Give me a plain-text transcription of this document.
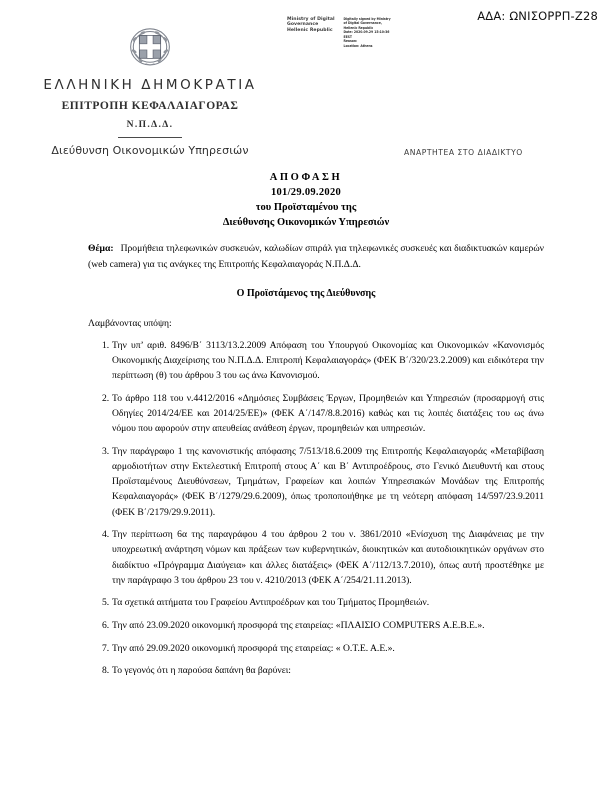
ΑΔΑ: ΩΝΙΣΟΡΡΠ-Ζ28
Ministry of Digital
Governance
Hellenic Republic
Digitally signed by Ministry
of Digital Governance,
Hellenic Republic
Date: 2020.09.29 15:10:36
EEST
Reason:
Location: Athens
ΕΛΛΗΝΙΚΗ ΔΗΜΟΚΡΑΤΙΑ
ΕΠΙΤΡΟΠΗ ΚΕΦΑΛΑΙΑΓΟΡΑΣ
Ν.Π.Δ.Δ.
Διεύθυνση Οικονομικών Υπηρεσιών	ΑΝΑΡΤΗΤΕΑ ΣΤΟ ΔΙΑΔΙΚΤΥΟ
ΑΠΟΦΑΣΗ
101/29.09.2020
του Προϊσταμένου της
Διεύθυνσης Οικονομικών Υπηρεσιών
Θέμα: Προμήθεια τηλεφωνικών συσκευών, καλωδίων σπιράλ για τηλεφωνικές συσκευές και διαδικτυακών καμερών (web camera) για τις ανάγκες της Επιτροπής Κεφαλαιαγοράς Ν.Π.Δ.Δ.
Ο Προϊστάμενος της Διεύθυνσης
Λαμβάνοντας υπόψη:
1. Την υπ’ αριθ. 8496/Β΄ 3113/13.2.2009 Απόφαση του Υπουργού Οικονομίας και Οικονομικών «Κανονισμός Οικονομικής Διαχείρισης του Ν.Π.Δ.Δ. Επιτροπή Κεφαλαιαγοράς» (ΦΕΚ Β΄/320/23.2.2009) και ειδικότερα την περίπτωση (θ) του άρθρου 3 του ως άνω Κανονισμού.
2. Το άρθρο 118 του ν.4412/2016 «Δημόσιες Συμβάσεις Έργων, Προμηθειών και Υπηρεσιών (προσαρμογή στις Οδηγίες 2014/24/ΕΕ και 2014/25/ΕΕ)» (ΦΕΚ Α΄/147/8.8.2016) καθώς και τις λοιπές διατάξεις του ως άνω νόμου που αφορούν στην απευθείας ανάθεση έργων, προμηθειών και υπηρεσιών.
3. Την παράγραφο 1 της κανονιστικής απόφασης 7/513/18.6.2009 της Επιτροπής Κεφαλαιαγοράς «Μεταβίβαση αρμοδιοτήτων στην Εκτελεστική Επιτροπή στους Α΄ και Β΄ Αντιπροέδρους, στο Γενικό Διευθυντή και στους Προϊσταμένους Διευθύνσεων, Τμημάτων, Γραφείων και λοιπών Υπηρεσιακών Μονάδων της Επιτροπής Κεφαλαιαγοράς» (ΦΕΚ Β΄/1279/29.6.2009), όπως τροποποιήθηκε με τη νεότερη απόφαση 14/597/23.9.2011 (ΦΕΚ Β΄/2179/29.9.2011).
4. Την περίπτωση 6α της παραγράφου 4 του άρθρου 2 του ν. 3861/2010 «Ενίσχυση της Διαφάνειας με την υποχρεωτική ανάρτηση νόμων και πράξεων των κυβερνητικών, διοικητικών και αυτοδιοικητικών οργάνων στο διαδίκτυο «Πρόγραμμα Διαύγεια» και άλλες διατάξεις» (ΦΕΚ Α΄/112/13.7.2010), όπως αυτή προστέθηκε με την παράγραφο 3 του άρθρου 23 του ν. 4210/2013 (ΦΕΚ Α΄/254/21.11.2013).
5. Τα σχετικά αιτήματα του Γραφείου Αντιπροέδρων και του Τμήματος Προμηθειών.
6. Την από 23.09.2020 οικονομική προσφορά της εταιρείας: «ΠΛΑΙΣΙΟ COMPUTERS Α.Ε.Β.Ε.».
7. Την από 29.09.2020 οικονομική προσφορά της εταιρείας: « Ο.Τ.Ε. Α.Ε.».
8. Το γεγονός ότι η παρούσα δαπάνη θα βαρύνει:
